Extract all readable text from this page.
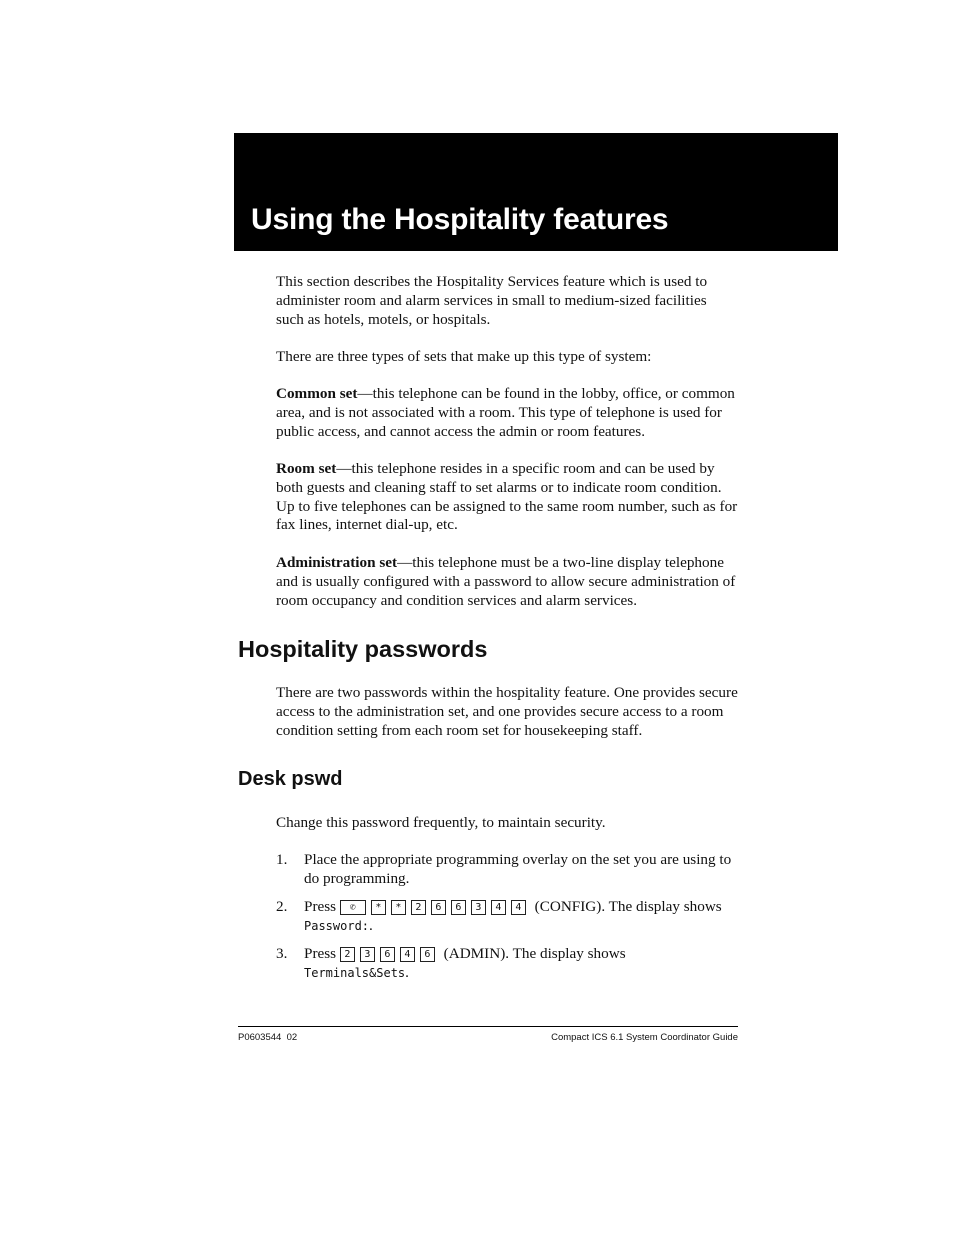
Using the Hospitality features

This section describes the Hospitality Services feature which is used to administer room and alarm services in small to medium-sized facilities such as hotels, motels, or hospitals.

There are three types of sets that make up this type of system:

Common set—this telephone can be found in the lobby, office, or common area, and is not associated with a room. This type of telephone is used for public access, and cannot access the admin or room features.

Room set—this telephone resides in a specific room and can be used by both guests and cleaning staff to set alarms or to indicate room condition. Up to five telephones can be assigned to the same room number, such as for fax lines, internet dial-up, etc.

Administration set—this telephone must be a two-line display telephone and is usually configured with a password to allow secure administration of room occupancy and condition services and alarm services.

Hospitality passwords

There are two passwords within the hospitality feature. One provides secure access to the administration set, and one provides secure access to a room condition setting from each room set for housekeeping staff.

Desk pswd

Change this password frequently, to maintain security.

1. Place the appropriate programming overlay on the set you are using to do programming.
2. Press ✆ * * 2 6 6 3 4 4 (CONFIG). The display shows
Password:.
3. Press 2 3 6 4 6 (ADMIN). The display shows
Terminals&Sets.
P0603544  02	Compact ICS 6.1 System Coordinator Guide
